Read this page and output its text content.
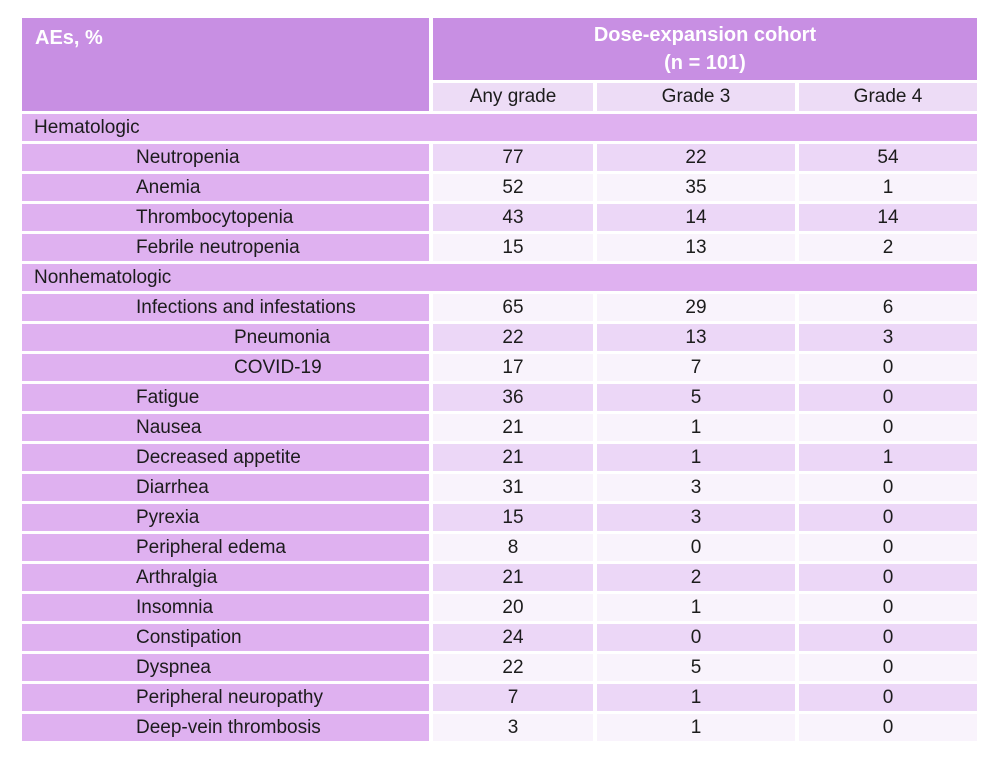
AEs, %	Dose-expansion cohort
(n = 101)
Any grade	Grade 3	Grade 4
Hematologic
Neutropenia	77	22	54
Anemia	52	35	1
Thrombocytopenia	43	14	14
Febrile neutropenia	15	13	2
Nonhematologic
Infections and infestations	65	29	6
Pneumonia	22	13	3
COVID-19	17	7	0
Fatigue	36	5	0
Nausea	21	1	0
Decreased appetite	21	1	1
Diarrhea	31	3	0
Pyrexia	15	3	0
Peripheral edema	8	0	0
Arthralgia	21	2	0
Insomnia	20	1	0
Constipation	24	0	0
Dyspnea	22	5	0
Peripheral neuropathy	7	1	0
Deep-vein thrombosis	3	1	0
